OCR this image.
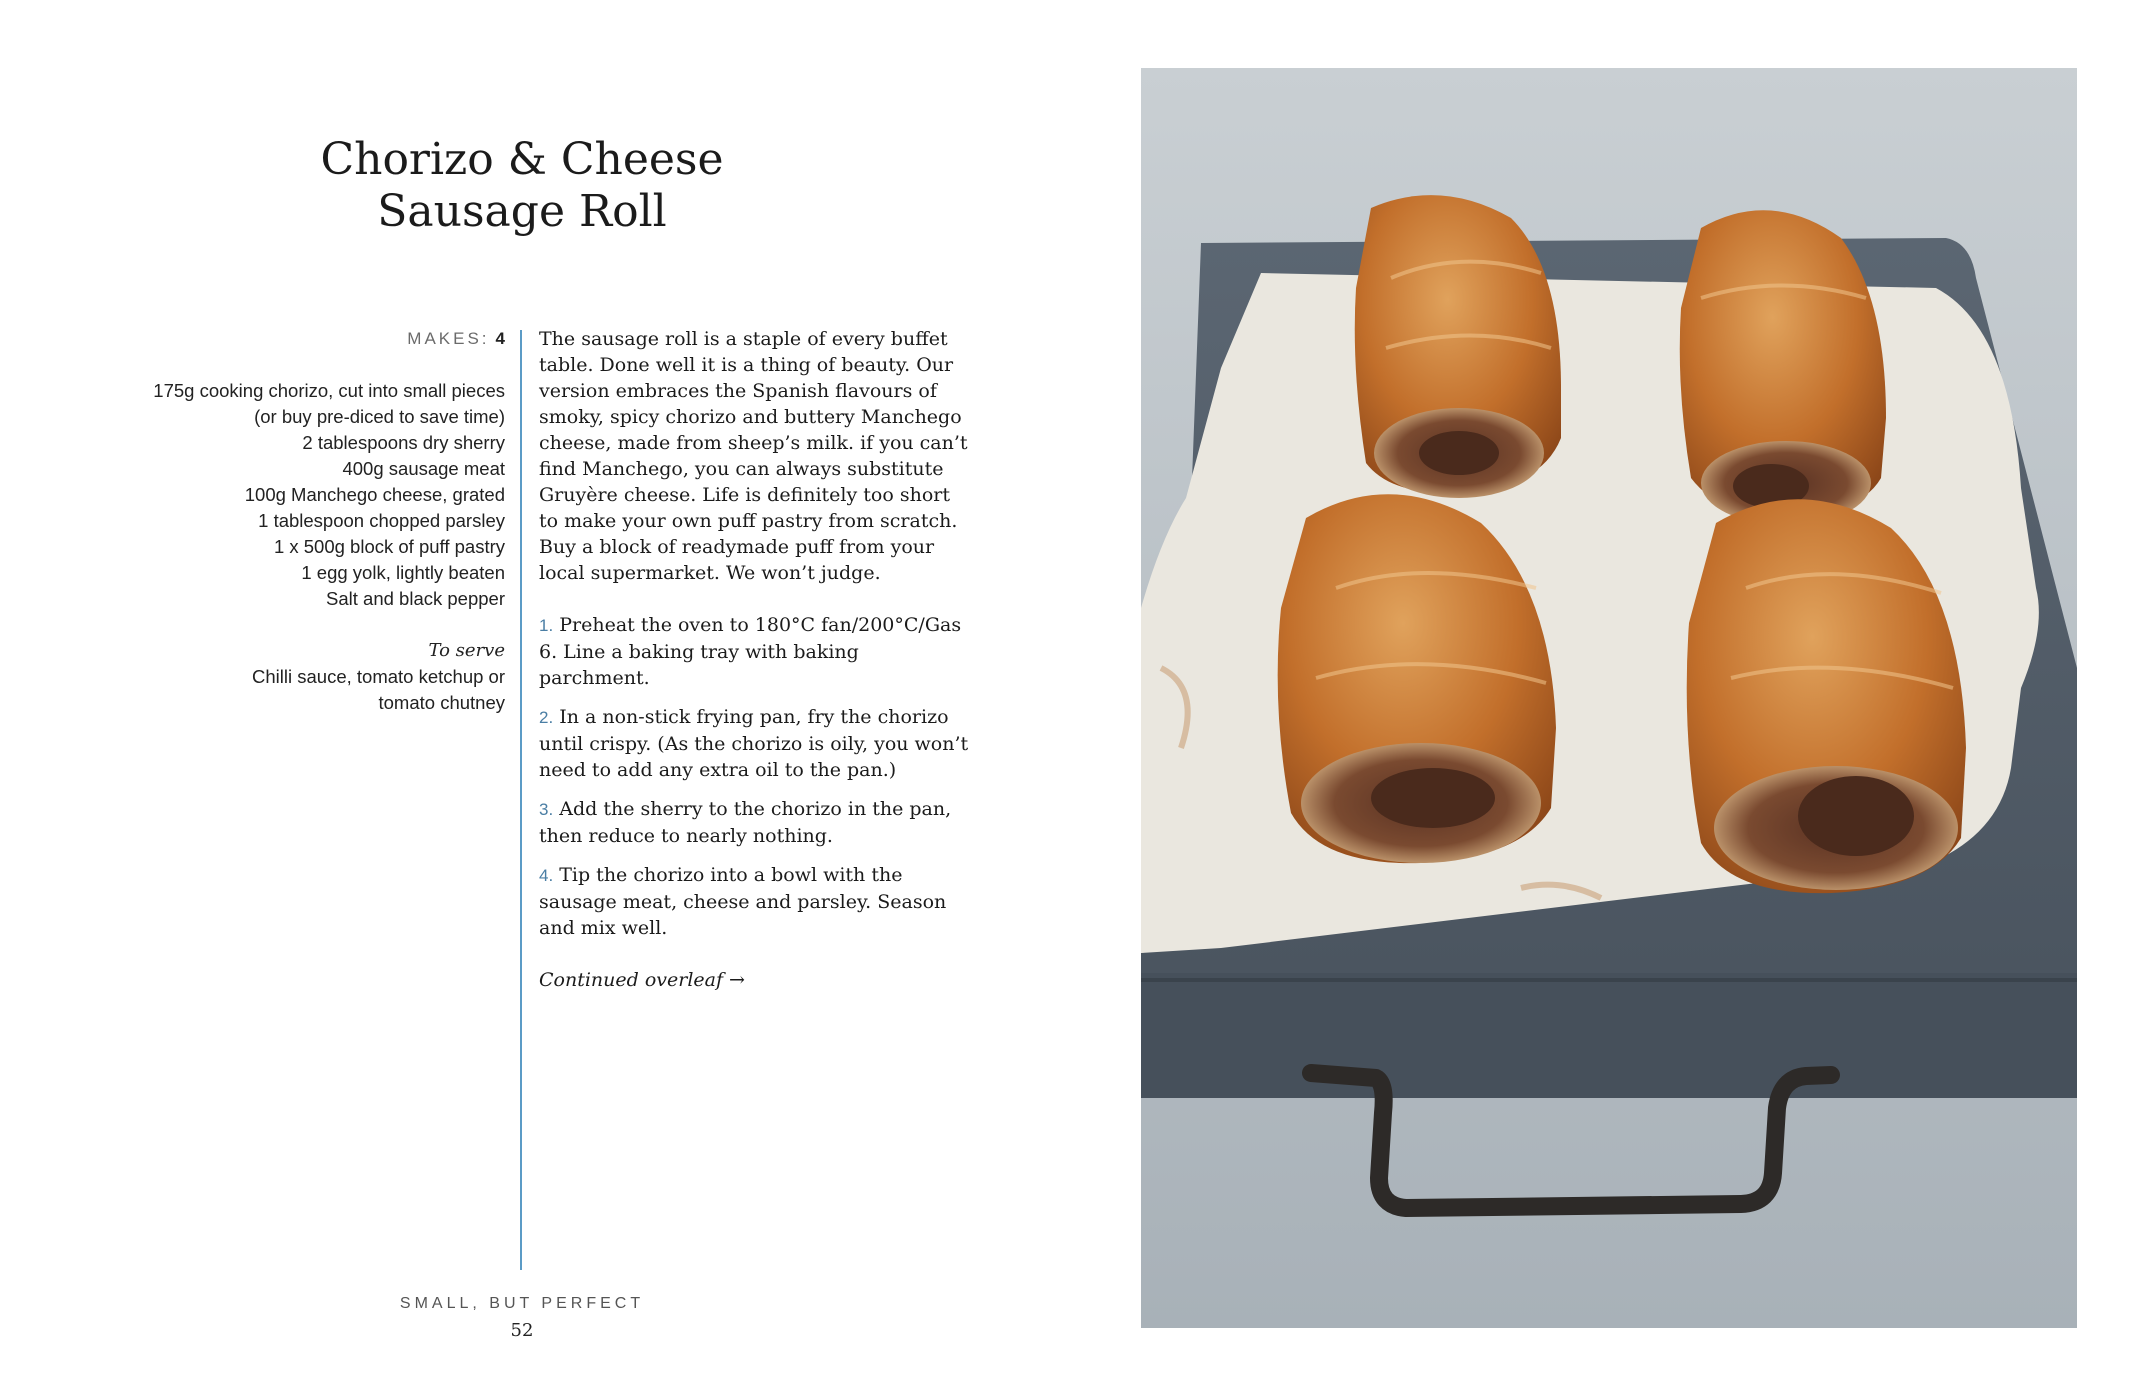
Chorizo & Cheese
Sausage Roll
MAKES: 4
175g cooking chorizo, cut into small pieces
(or buy pre-diced to save time)
2 tablespoons dry sherry
400g sausage meat
100g Manchego cheese, grated
1 tablespoon chopped parsley
1 x 500g block of puff pastry
1 egg yolk, lightly beaten
Salt and black pepper
To serve
Chilli sauce, tomato ketchup or
tomato chutney

The sausage roll is a staple of every buffet table. Done well it is a thing of beauty. Our version embraces the Spanish flavours of smoky, spicy chorizo and buttery Manchego cheese, made from sheep’s milk. if you can’t find Manchego, you can always substitute Gruyère cheese. Life is definitely too short to make your own puff pastry from scratch. Buy a block of readymade puff from your local supermarket. We won’t judge.

1. Preheat the oven to 180°C fan/200°C/Gas 6. Line a baking tray with baking parchment.

2. In a non-stick frying pan, fry the chorizo until crispy. (As the chorizo is oily, you won’t need to add any extra oil to the pan.)

3. Add the sherry to the chorizo in the pan, then reduce to nearly nothing.

4. Tip the chorizo into a bowl with the sausage meat, cheese and parsley. Season and mix well.

Continued overleaf →

SMALL, BUT PERFECT
52
